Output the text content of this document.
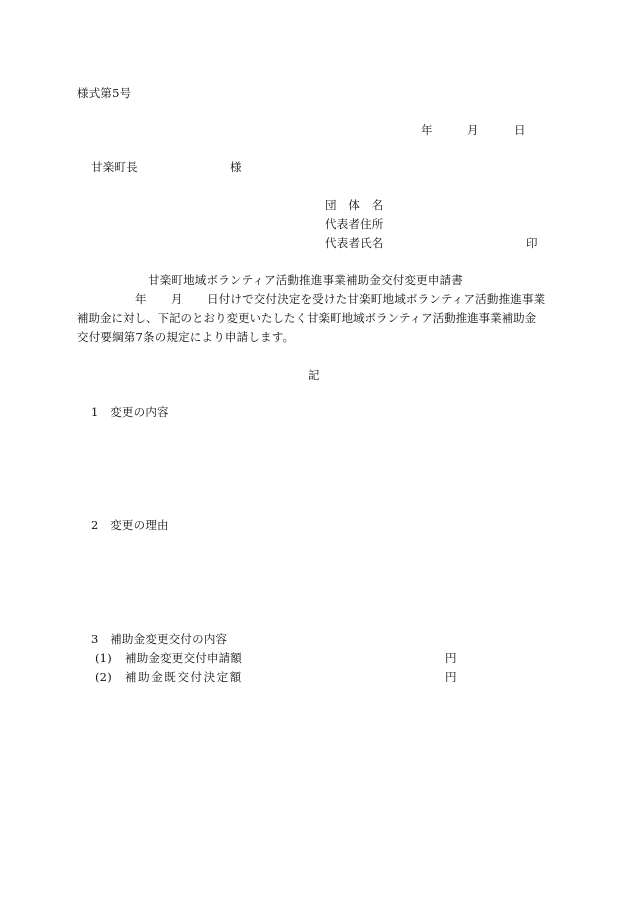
様式第5号
年	月	日
甘楽町長	様
団　体　名
代表者住所
代表者氏名	印
甘楽町地域ボランティア活動推進事業補助金交付変更申請書
年 月 日付けで交付決定を受けた甘楽町地域ボランティア活動推進事業
補助金に対し、下記のとおり変更いたしたく甘楽町地域ボランティア活動推進事業補助金
交付要綱第7条の規定により申請します。
記
1　変更の内容
2　変更の理由
3　補助金変更交付の内容
(1) 補助金変更交付申請額	円
(2) 補助金既交付決定額	円
